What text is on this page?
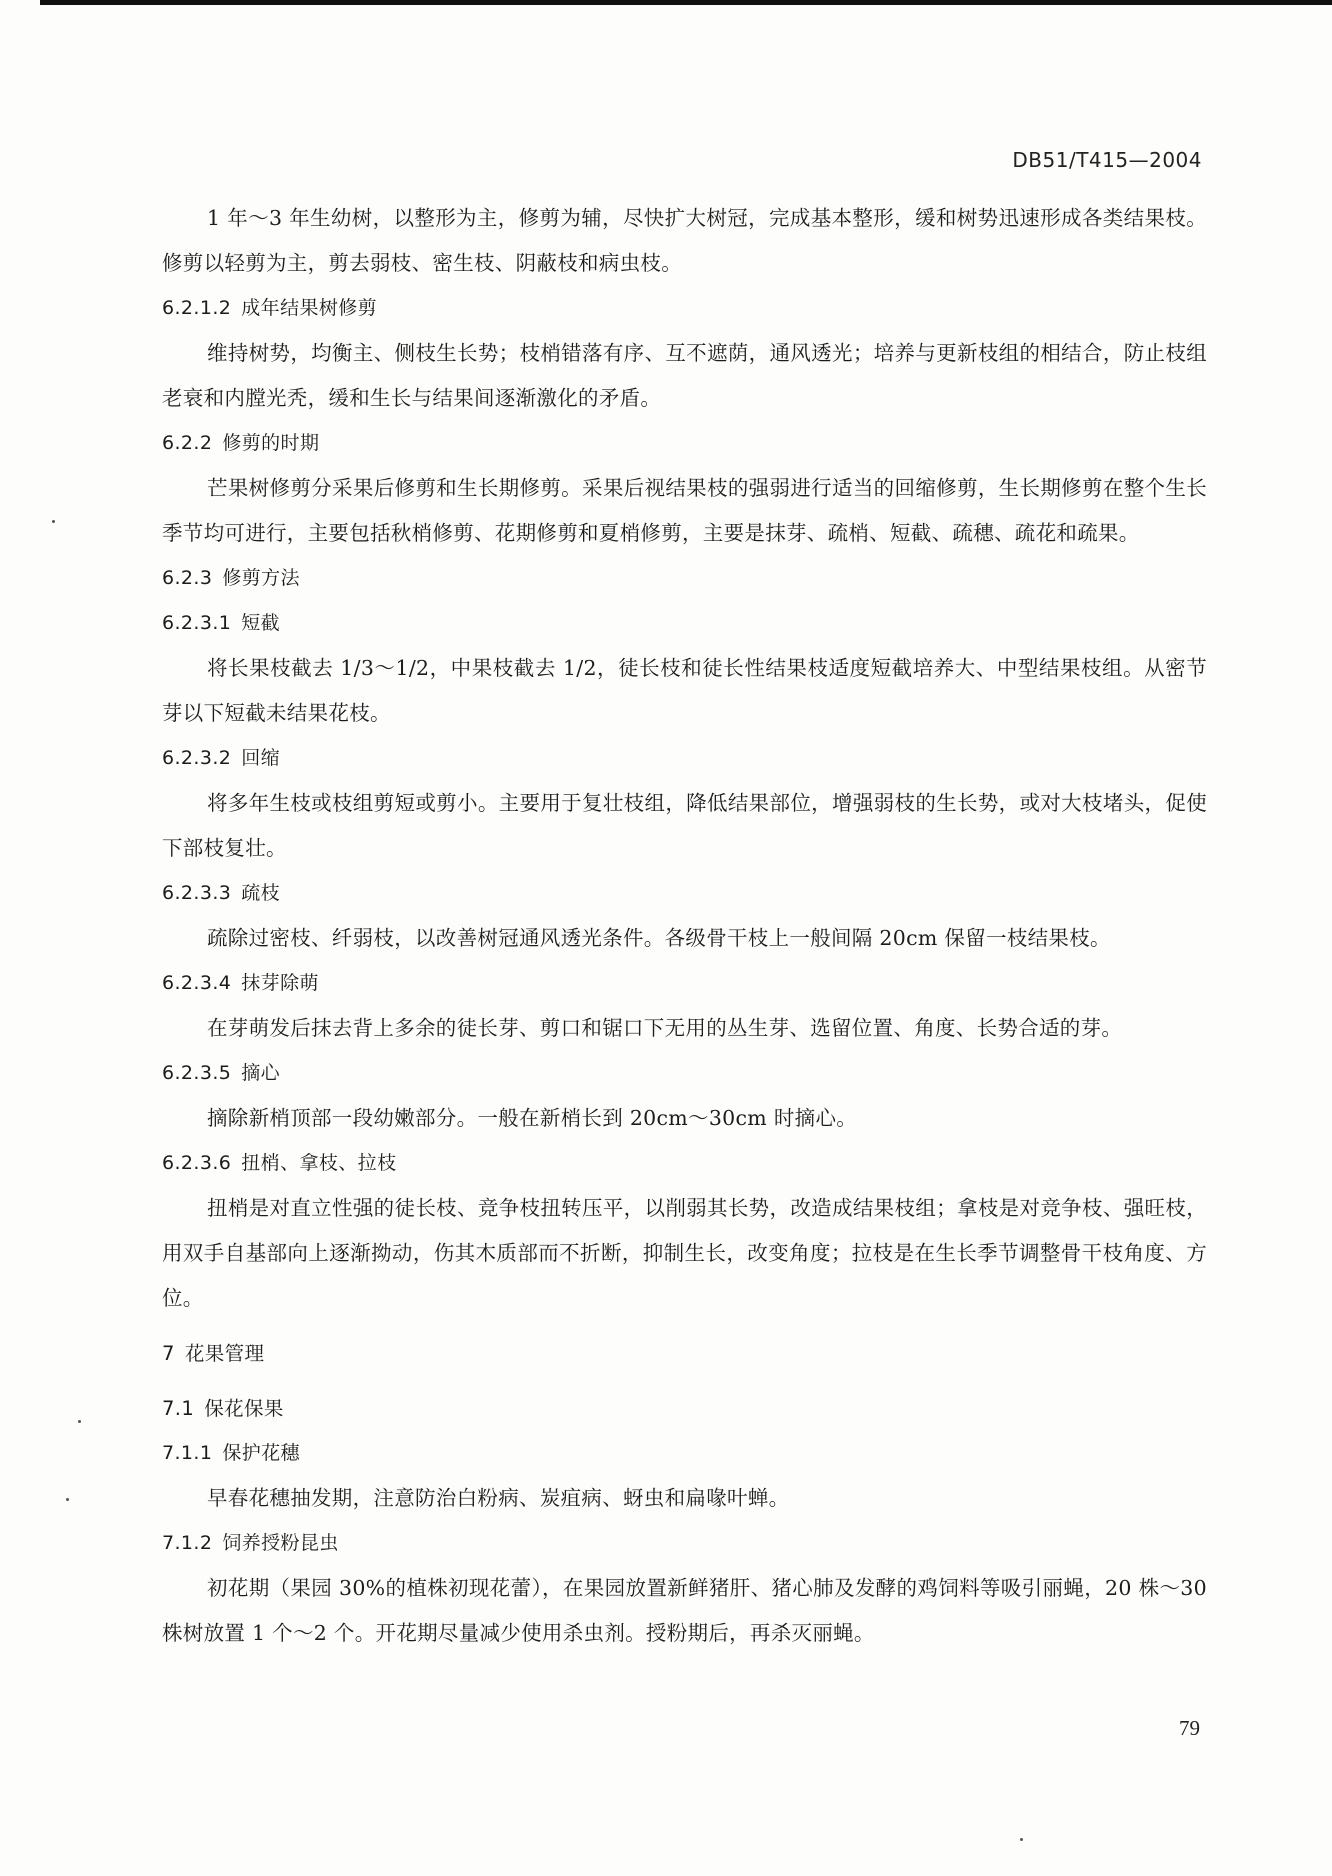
DB51/T415—2004

1 年～3 年生幼树，以整形为主，修剪为辅，尽快扩大树冠，完成基本整形，缓和树势迅速形成各类结果枝。修剪以轻剪为主，剪去弱枝、密生枝、阴蔽枝和病虫枝。

6.2.1.2 成年结果树修剪

维持树势，均衡主、侧枝生长势；枝梢错落有序、互不遮荫，通风透光；培养与更新枝组的相结合，防止枝组老衰和内膛光秃，缓和生长与结果间逐渐激化的矛盾。

6.2.2 修剪的时期

芒果树修剪分采果后修剪和生长期修剪。采果后视结果枝的强弱进行适当的回缩修剪，生长期修剪在整个生长季节均可进行，主要包括秋梢修剪、花期修剪和夏梢修剪，主要是抹芽、疏梢、短截、疏穗、疏花和疏果。

6.2.3 修剪方法

6.2.3.1 短截

将长果枝截去 1/3～1/2，中果枝截去 1/2，徒长枝和徒长性结果枝适度短截培养大、中型结果枝组。从密节芽以下短截未结果花枝。

6.2.3.2 回缩

将多年生枝或枝组剪短或剪小。主要用于复壮枝组，降低结果部位，增强弱枝的生长势，或对大枝堵头，促使下部枝复壮。

6.2.3.3 疏枝

疏除过密枝、纤弱枝，以改善树冠通风透光条件。各级骨干枝上一般间隔 20cm 保留一枝结果枝。

6.2.3.4 抹芽除萌

在芽萌发后抹去背上多余的徒长芽、剪口和锯口下无用的丛生芽、选留位置、角度、长势合适的芽。

6.2.3.5 摘心

摘除新梢顶部一段幼嫩部分。一般在新梢长到 20cm～30cm 时摘心。

6.2.3.6 扭梢、拿枝、拉枝

扭梢是对直立性强的徒长枝、竞争枝扭转压平，以削弱其长势，改造成结果枝组；拿枝是对竞争枝、强旺枝，用双手自基部向上逐渐拗动，伤其木质部而不折断，抑制生长，改变角度；拉枝是在生长季节调整骨干枝角度、方位。

7 花果管理

7.1 保花保果

7.1.1 保护花穗

早春花穗抽发期，注意防治白粉病、炭疽病、蚜虫和扁喙叶蝉。

7.1.2 饲养授粉昆虫

初花期（果园 30%的植株初现花蕾），在果园放置新鲜猪肝、猪心肺及发酵的鸡饲料等吸引丽蝇，20 株～30 株树放置 1 个～2 个。开花期尽量减少使用杀虫剂。授粉期后，再杀灭丽蝇。

79
